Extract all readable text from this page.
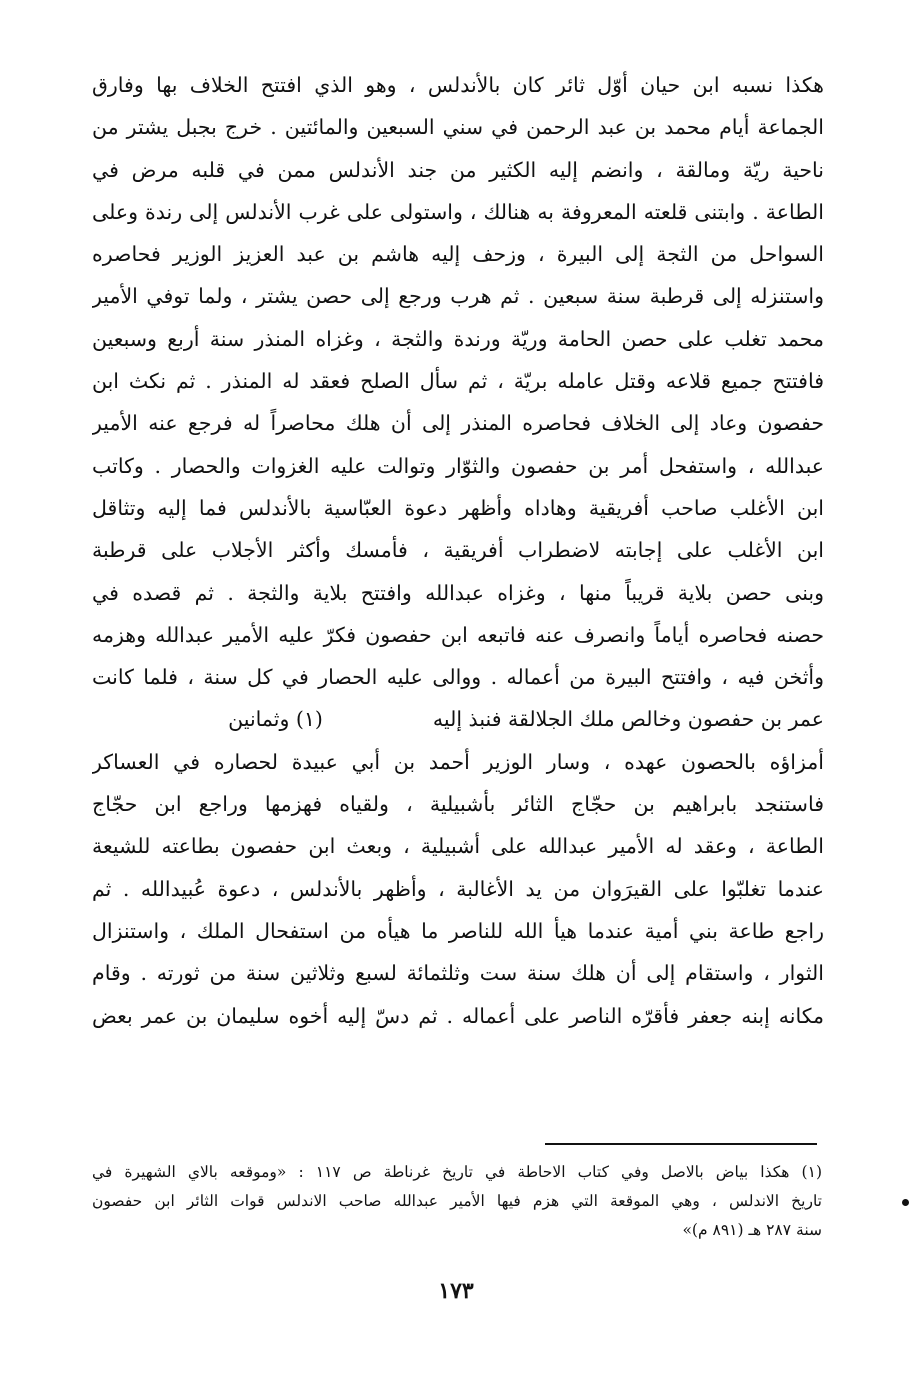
هكذا نسبه ابن حيان أوّل ثائر كان بالأندلس ، وهو الذي افتتح الخلاف بها وفارق
الجماعة أيام محمد بن عبد الرحمن في سني السبعين والمائتين . خرج بجبل يشتر من
ناحية ريّة ومالقة ، وانضم إليه الكثير من جند الأندلس ممن في قلبه مرض في
الطاعة . وابتنى قلعته المعروفة به هنالك ، واستولى على غرب الأندلس إلى رندة وعلى
السواحل من الثجة إلى البيرة ، وزحف إليه هاشم بن عبد العزيز الوزير فحاصره
واستنزله إلى قرطبة سنة سبعين . ثم هرب ورجع إلى حصن يشتر ، ولما توفي الأمير
محمد تغلب على حصن الحامة وريّة ورندة والثجة ، وغزاه المنذر سنة أربع وسبعين
فافتتح جميع قلاعه وقتل عامله بريّة ، ثم سأل الصلح فعقد له المنذر . ثم نكث ابن
حفصون وعاد إلى الخلاف فحاصره المنذر إلى أن هلك محاصراً له فرجع عنه الأمير
عبدالله ، واستفحل أمر بن حفصون والثوّار وتوالت عليه الغزوات والحصار . وكاتب
ابن الأغلب صاحب أفريقية وهاداه وأظهر دعوة العبّاسية بالأندلس فما إليه وتثاقل
ابن الأغلب على إجابته لاضطراب أفريقية ، فأمسك وأكثر الأجلاب على قرطبة
وبنى حصن بلاية قريباً منها ، وغزاه عبدالله وافتتح بلاية والثجة . ثم قصده في
حصنه فحاصره أياماً وانصرف عنه فاتبعه ابن حفصون فكرّ عليه الأمير عبدالله وهزمه
وأثخن فيه ، وافتتح البيرة من أعماله . ووالى عليه الحصار في كل سنة ، فلما كانت
عمر بن حفصون وخالص ملك الجلالقة فنبذ إليه(١) وثمانين
أمزاؤه بالحصون عهده ، وسار الوزير أحمد بن أبي عبيدة لحصاره في العساكر
فاستنجد بابراهيم بن حجّاج الثائر بأشبيلية ، ولقياه فهزمها وراجع ابن حجّاج
الطاعة ، وعقد له الأمير عبدالله على أشبيلية ، وبعث ابن حفصون بطاعته للشيعة
عندما تغلبّوا على القيرَوان من يد الأغالبة ، وأظهر بالأندلس ، دعوة عُبيدالله . ثم
راجع طاعة بني أمية عندما هيأ الله للناصر ما هيأه من استفحال الملك ، واستنزال
الثوار ، واستقام إلى أن هلك سنة ست وثلثمائة لسبع وثلاثين سنة من ثورته . وقام
مكانه إبنه جعفر فأقرّه الناصر على أعماله . ثم دسّ إليه أخوه سليمان بن عمر بعض
(١) هكذا بياض بالاصل وفي كتاب الاحاطة في تاريخ غرناطة ص ١١٧ : «وموقعه بالاي الشهيرة في
تاريخ الاندلس ، وهي الموقعة التي هزم فيها الأمير عبدالله صاحب الاندلس قوات الثائر ابن حفصون
سنة ٢٨٧ هـ (٨٩١ م)»
١٧٣
